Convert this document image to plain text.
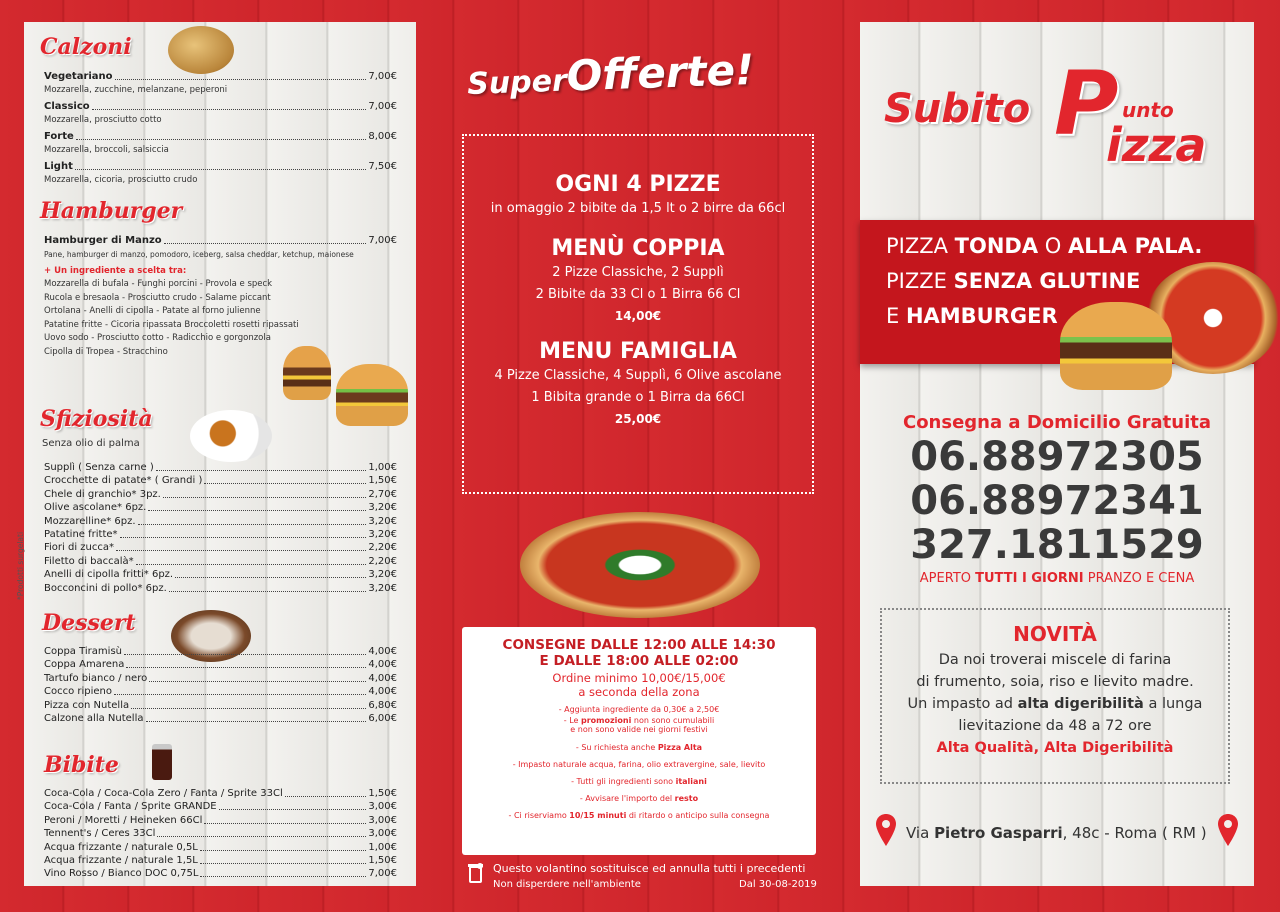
Calzoni
Vegetariano	7,00€
Mozzarella, zucchine, melanzane, peperoni
Classico	7,00€
Mozzarella, prosciutto cotto
Forte	8,00€
Mozzarella, broccoli, salsiccia
Light	7,50€
Mozzarella, cicoria, prosciutto crudo
Hamburger
Hamburger di Manzo	7,00€
Pane, hamburger di manzo, pomodoro, iceberg, salsa cheddar, ketchup, maionese
+ Un ingrediente a scelta tra:
Mozzarella di bufala - Funghi porcini - Provola e speck
Rucola e bresaola - Prosciutto crudo - Salame piccant
Ortolana - Anelli di cipolla - Patate al forno julienne
Patatine fritte - Cicoria ripassata Broccoletti rosetti ripassati
Uovo sodo - Prosciutto cotto - Radicchio e gorgonzola
Cipolla di Tropea - Stracchino
Sfiziosità
Senza olio di palma
*Prodotti surgelati
Supplì ( Senza carne )	1,00€
Crocchette di patate* ( Grandi )	1,50€
Chele di granchio* 3pz.	2,70€
Olive ascolane* 6pz.	3,20€
Mozzarelline* 6pz.	3,20€
Patatine fritte*	3,20€
Fiori di zucca*	2,20€
Filetto di baccalà*	2,20€
Anelli di cipolla fritti* 6pz.	3,20€
Bocconcini di pollo* 6pz.	3,20€
Dessert
Coppa Tiramisù	4,00€
Coppa Amarena	4,00€
Tartufo bianco / nero	4,00€
Cocco ripieno	4,00€
Pizza con Nutella	6,80€
Calzone alla Nutella	6,00€
Bibite
Coca-Cola / Coca-Cola Zero / Fanta / Sprite 33Cl	1,50€
Coca-Cola / Fanta / Sprite GRANDE	3,00€
Peroni / Moretti / Heineken 66Cl	3,00€
Tennent's / Ceres 33Cl	3,00€
Acqua frizzante / naturale 0,5L	1,00€
Acqua frizzante / naturale 1,5L	1,50€
Vino Rosso / Bianco DOC 0,75L	7,00€
SuperOfferte!
OGNI 4 PIZZE
in omaggio 2 bibite da 1,5 lt o 2 birre da 66cl
MENÙ COPPIA
2 Pizze Classiche, 2 Supplì
2 Bibite da 33 Cl o 1 Birra 66 Cl
14,00€
MENU FAMIGLIA
4 Pizze Classiche, 4 Supplì, 6 Olive ascolane
1 Bibita grande o 1 Birra da 66Cl
25,00€
CONSEGNE DALLE 12:00 ALLE 14:30
E DALLE 18:00 ALLE 02:00
Ordine minimo 10,00€/15,00€
a seconda della zona
- Aggiunta ingrediente da 0,30€ a 2,50€
- Le promozioni non sono cumulabili
e non sono valide nei giorni festivi
- Su richiesta anche Pizza Alta
- Impasto naturale acqua, farina, olio extravergine, sale, lievito
- Tutti gli ingredienti sono italiani
- Avvisare l'importo del resto
- Ci riserviamo 10/15 minuti di ritardo o anticipo sulla consegna
Questo volantino sostituisce ed annulla tutti i precedenti
Non disperdere nell'ambiente	Dal 30-08-2019
Subito P unto
izza
PIZZA TONDA O ALLA PALA.
PIZZE SENZA GLUTINE
E HAMBURGER
Consegna a Domicilio Gratuita
06.88972305
06.88972341
327.1811529
APERTO TUTTI I GIORNI PRANZO E CENA
NOVITÀ
Da noi troverai miscele di farina
di frumento, soia, riso e lievito madre.
Un impasto ad alta digeribilità a lunga
lievitazione da 48 a 72 ore
Alta Qualità, Alta Digeribilità
Via Pietro Gasparri, 48c - Roma ( RM )
